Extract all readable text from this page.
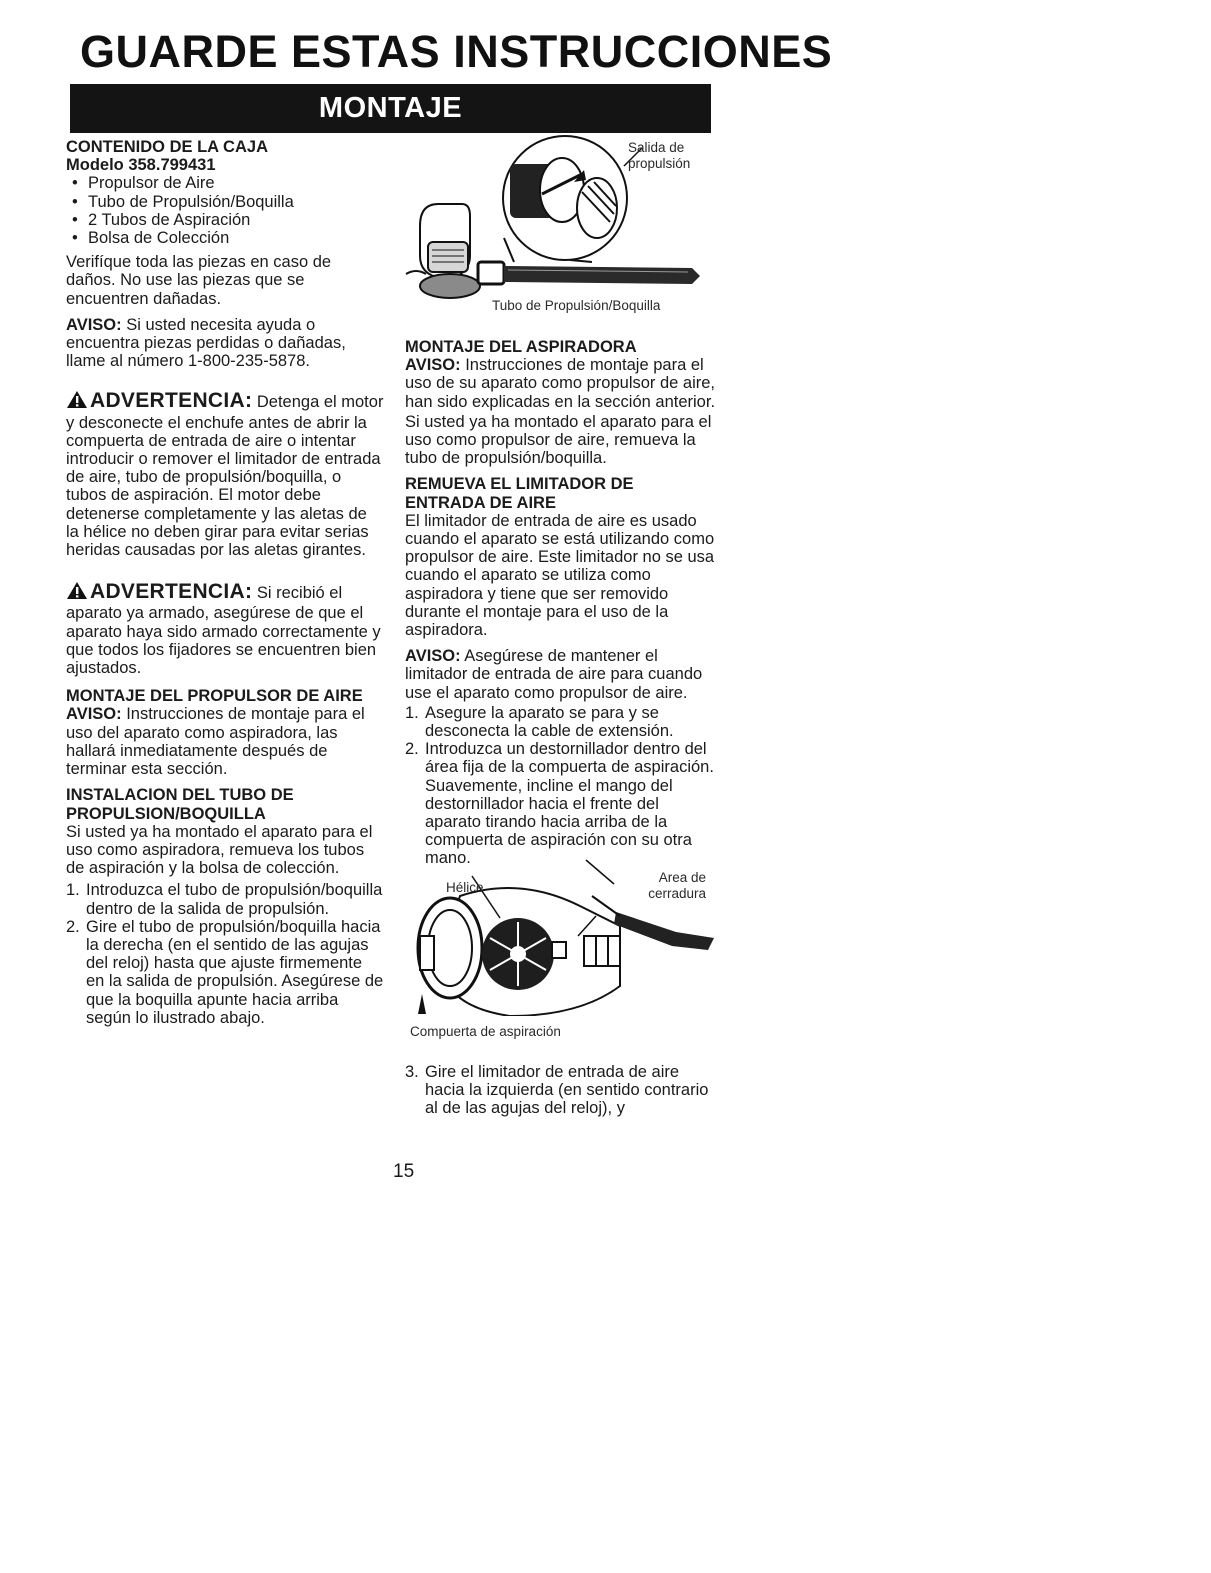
GUARDE ESTAS INSTRUCCIONES
MONTAJE

CONTENIDO DE LA CAJA

Modelo 358.799431

• Propulsor de Aire
• Tubo de Propulsión/Boquilla
• 2 Tubos de Aspiración
• Bolsa de Colección

Verifíque toda las piezas en caso de daños. No use las piezas que se encuentren dañadas.

AVISO: Si usted necesita ayuda o encuentra piezas perdidas o dañadas, llame al número 1-800-235-5878.

ADVERTENCIA: Detenga el motor y desconecte el enchufe antes de abrir la compuerta de entrada de aire o intentar introducir o remover el limitador de entrada de aire, tubo de propulsión/boquilla, o tubos de aspiración. El motor debe detenerse completamente y las aletas de la hélice no deben girar para evitar serias heridas causadas por las aletas girantes.
ADVERTENCIA: Si recibió el aparato ya armado, asegúrese de que el aparato haya sido armado correctamente y que todos los fijadores se encuentren bien ajustados.

MONTAJE DEL PROPULSOR DE AIRE

AVISO: Instrucciones de montaje para el uso del aparato como aspiradora, las hallará inmediatamente después de terminar esta sección.

INSTALACION DEL TUBO DE PROPULSION/BOQUILLA

Si usted ya ha montado el aparato para el uso como aspiradora, remueva los tubos de aspiración y la bolsa de colección.

1. Introduzca el tubo de propulsión/boquilla dentro de la salida de propulsión.
2. Gire el tubo de propulsión/boquilla hacia la derecha (en el sentido de las agujas del reloj) hasta que ajuste firmemente en la salida de propulsión. Asegúrese de que la boquilla apunte hacia arriba según lo ilustrado abajo.
Salida de propulsión
Tubo de Propulsión/Boquilla

MONTAJE DEL ASPIRADORA

AVISO: Instrucciones de montaje para el uso de su aparato como propulsor de aire, han sido explicadas en la sección anterior.

Si usted ya ha montado el aparato para el uso como propulsor de aire, remueva la tubo de propulsión/boquilla.

REMUEVA EL LIMITADOR DE ENTRADA DE AIRE

El limitador de entrada de aire es usado cuando el aparato se está utilizando como propulsor de aire. Este limitador no se usa cuando el aparato se utiliza como aspiradora y tiene que ser removido durante el montaje para el uso de la aspiradora.

AVISO: Asegúrese de mantener el limitador de entrada de aire para cuando use el aparato como propulsor de aire.

1. Asegure la aparato se para y se desconecta la cable de extensión.
2. Introduzca un destornillador dentro del área fija de la compuerta de aspiración. Suavemente, incline el mango del destornillador hacia el frente del aparato tirando hacia arriba de la compuerta de aspiración con su otra mano.
Hélice
Area de cerradura
Compuerta de aspiración
3. Gire el limitador de entrada de aire hacia la izquierda (en sentido contrario al de las agujas del reloj), y
15
